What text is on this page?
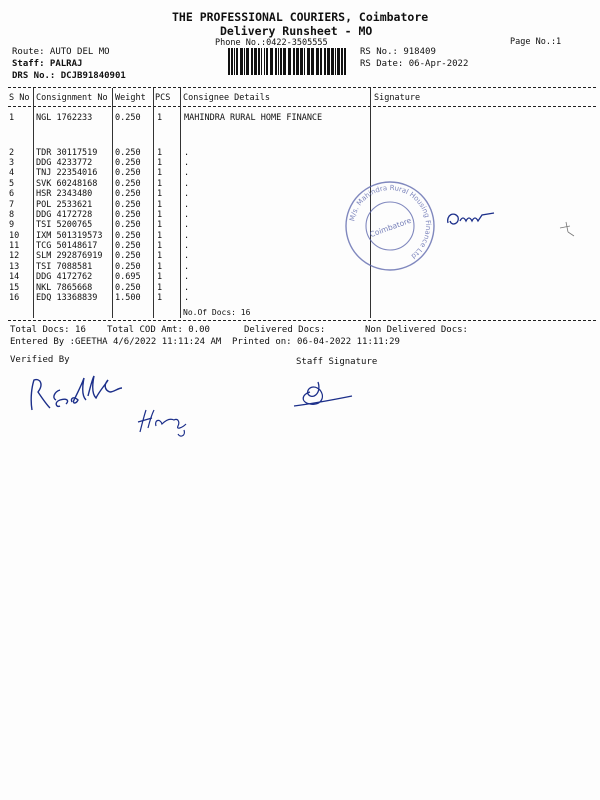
THE PROFESSIONAL COURIERS, Coimbatore
Delivery Runsheet - MO
Phone No.:0422-3505555	Page No.:1
Route: AUTO DEL MO
Staff: PALRAJ
DRS No.: DCJB91840901
RS No.: 918409
RS Date: 06-Apr-2022
S No Consignment No Weight PCS Consignee Details	Signature
1	NGL 1762233	0.250 1	MAHINDRA RURAL HOME FINANCE
2	TDR 30117519 0.250 1	.
3	DDG 4233772	0.250 1	.
4	TNJ 22354016 0.250 1	.
5	SVK 60248168 0.250 1	.
6	HSR 2343480	0.250 1	.
7	POL 2533621	0.250 1	.
8	DDG 4172728	0.250 1	.
9	TSI 5200765	0.250 1	.
10 IXM 501319573 0.250 1	.
11 TCG 50148617 0.250 1	.
12 SLM 292876919 0.250 1	.
13 TSI 7088581	0.250 1	.
14 DDG 4172762	0.695 1	.
15 NKL 7865668	0.250 1	.
16 EDQ 13368839 1.500 1	.
No.Of Docs: 16
Total Docs: 16 Total COD Amt: 0.00	Delivered Docs:	Non Delivered Docs:
Entered By :GEETHA 4/6/2022 11:11:24 AM Printed on: 06-04-2022 11:11:29
Verified By	Staff Signature
M/s. Mahindra Rural Housing Finance Ltd
Coimbatore
